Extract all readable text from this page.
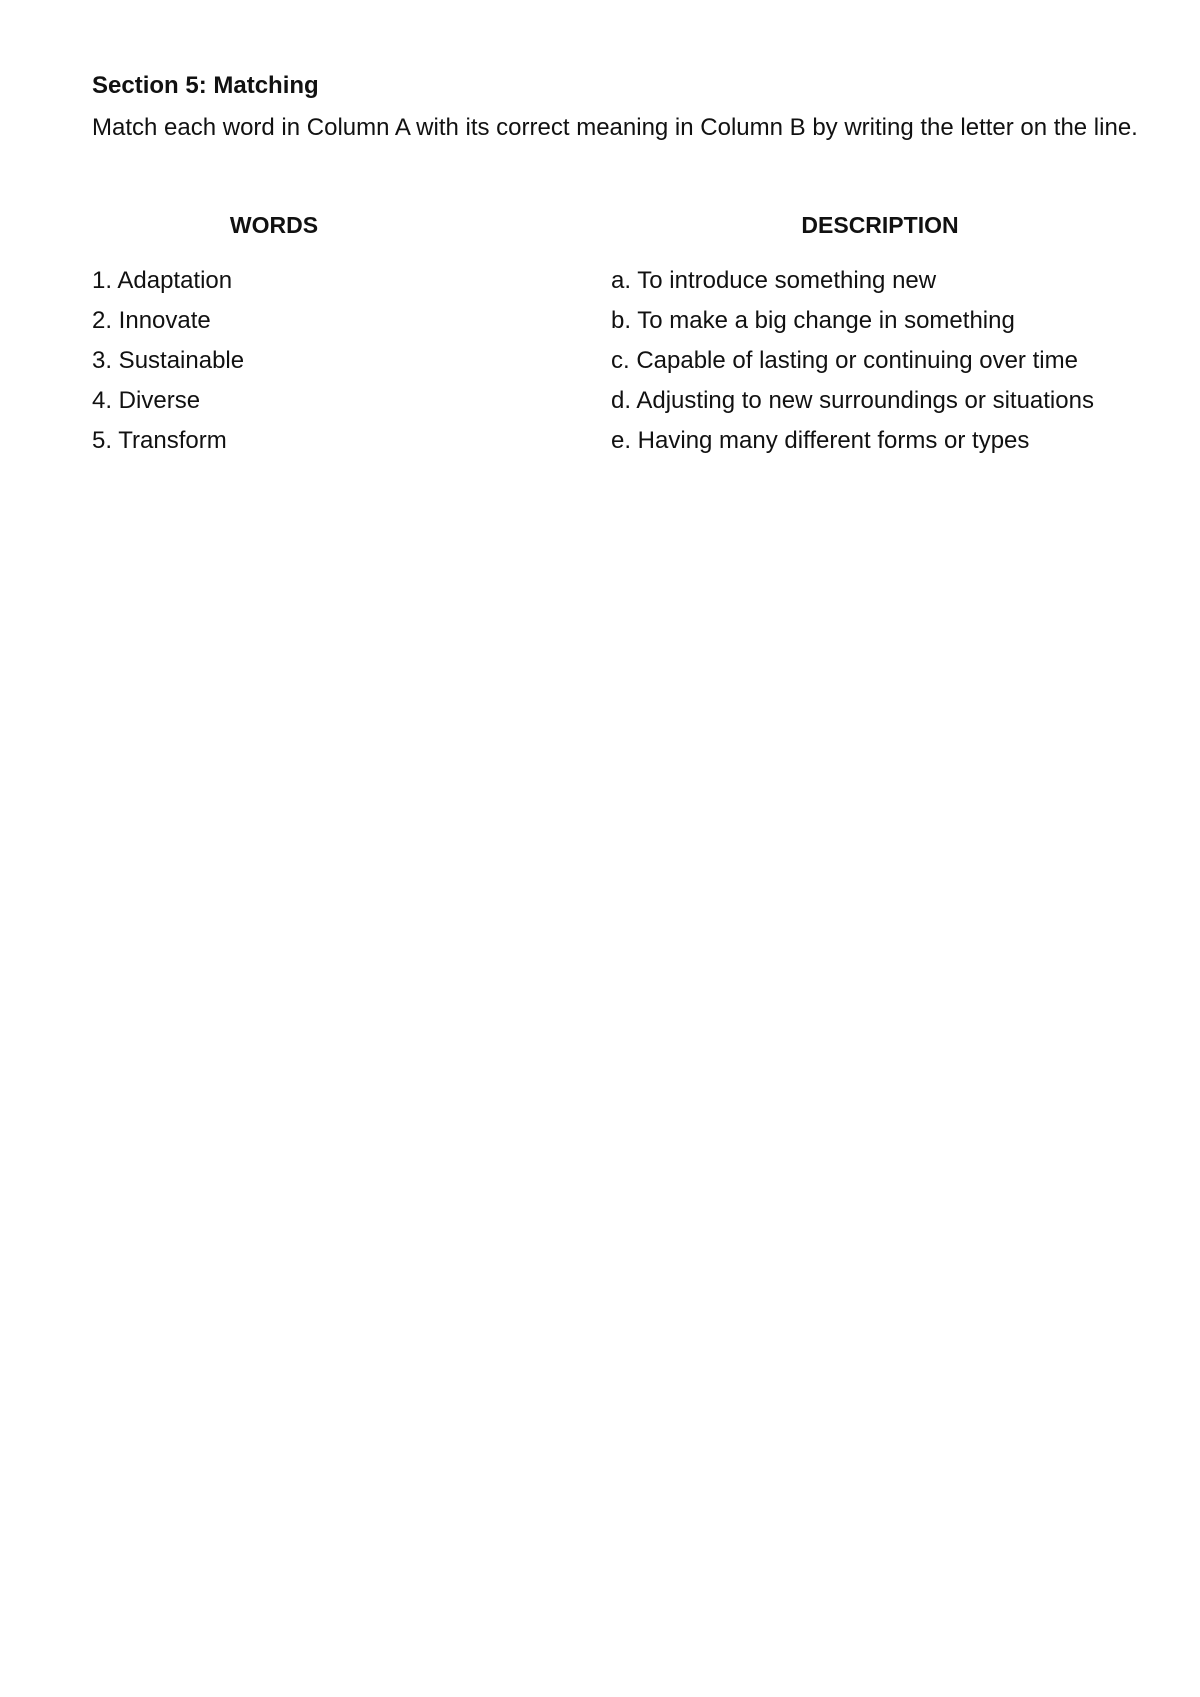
Section 5: Matching
Match each word in Column A with its correct meaning in Column B by writing the letter on the line.
WORDS	DESCRIPTION
1. Adaptation
2. Innovate
3. Sustainable
4. Diverse
5. Transform
a. To introduce something new
b. To make a big change in something
c. Capable of lasting or continuing over time
d. Adjusting to new surroundings or situations
e. Having many different forms or types
